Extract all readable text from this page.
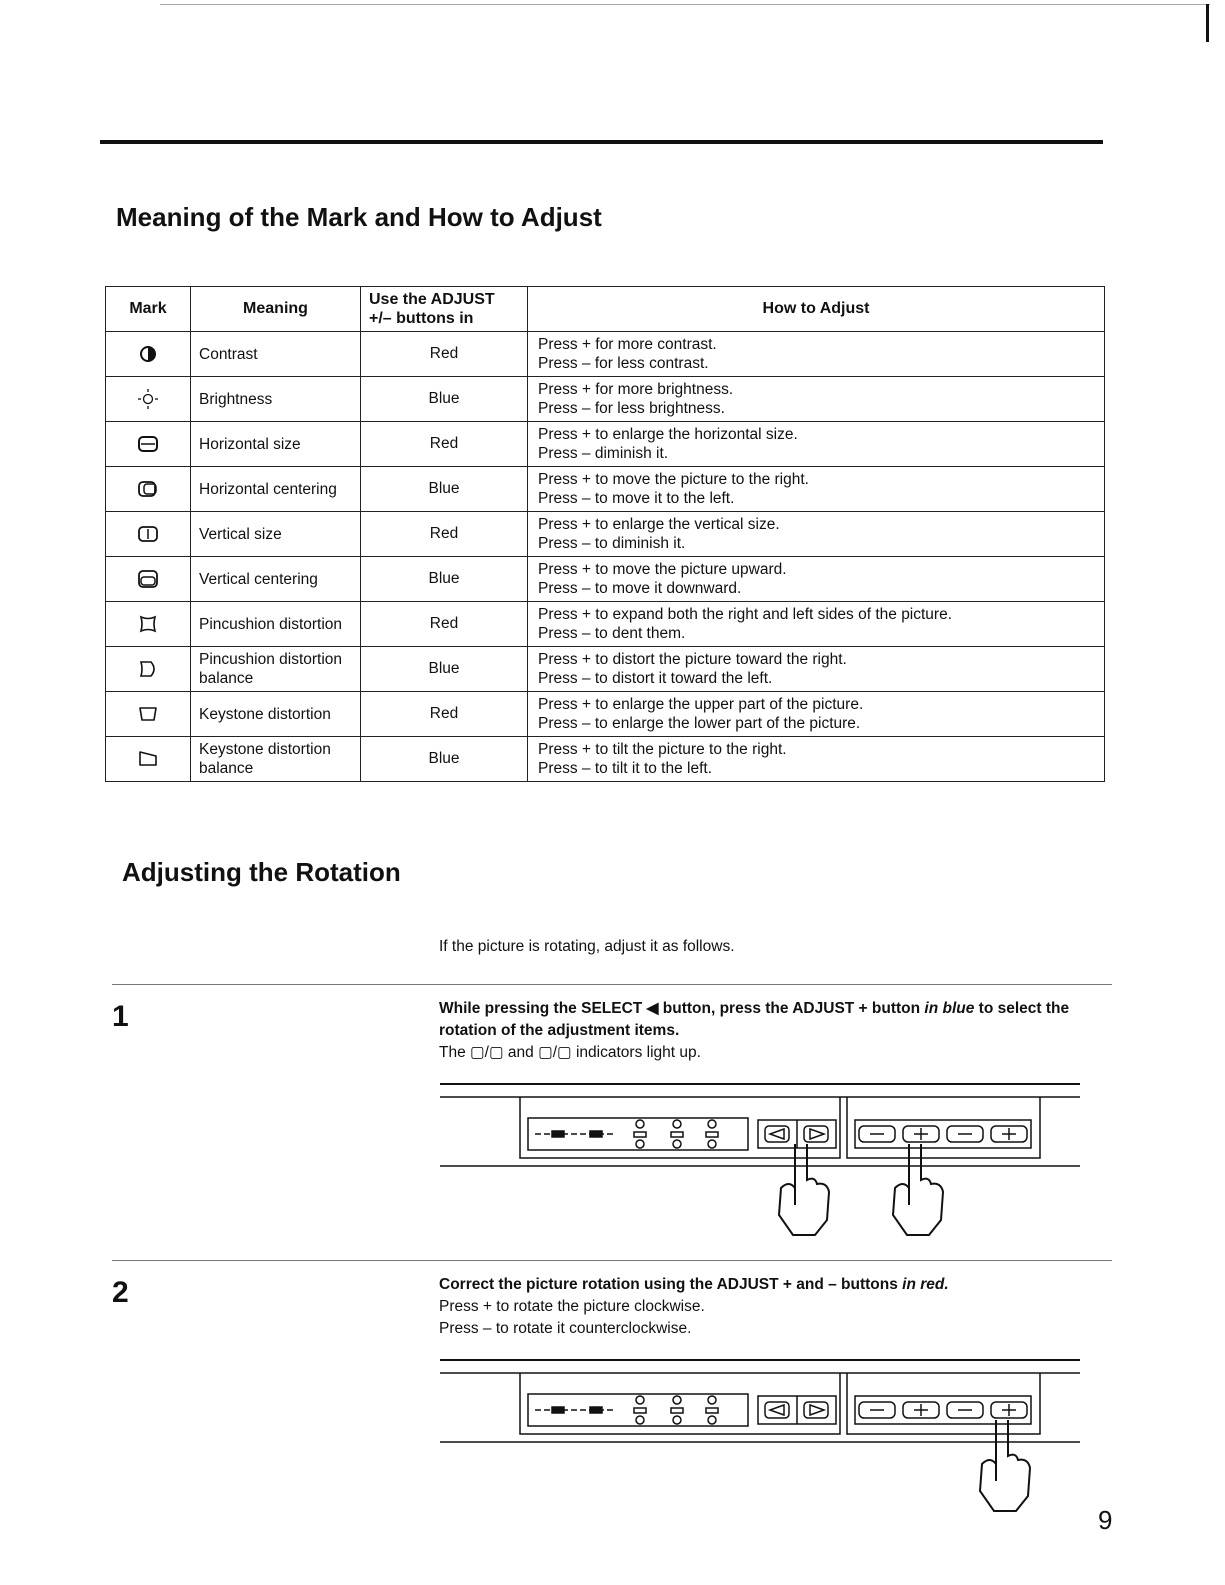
Meaning of the Mark and How to Adjust
Mark	Meaning	Use the ADJUST +/– buttons in	How to Adjust

	Contrast	Red	Press + for more contrast.
Press – for less contrast.

	Brightness	Blue	Press + for more brightness.
Press – for less brightness.

	Horizontal size	Red	Press + to enlarge the horizontal size.
Press – diminish it.

	Horizontal centering	Blue	Press + to move the picture to the right.
Press – to move it to the left.

	Vertical size	Red	Press + to enlarge the vertical size.
Press – to diminish it.

	Vertical centering	Blue	Press + to move the picture upward.
Press – to move it downward.

	Pincushion distortion	Red	Press + to expand both the right and left sides of the picture.
Press – to dent them.

	Pincushion distortion balance	Blue	Press + to distort the picture toward the right.
Press – to distort it toward the left.

	Keystone distortion	Red	Press + to enlarge the upper part of the picture.
Press – to enlarge the lower part of the picture.

	Keystone distortion balance	Blue	Press + to tilt the picture to the right.
Press – to tilt it to the left.
Adjusting the Rotation
If the picture is rotating, adjust it as follows.
1	While pressing the SELECT ◀ button, press the ADJUST + button in blue to select the rotation of the adjustment items.
The ▢/▢ and ▢/▢ indicators light up.
2	Correct the picture rotation using the ADJUST + and – buttons in red.
Press + to rotate the picture clockwise.
Press – to rotate it counterclockwise.
9
